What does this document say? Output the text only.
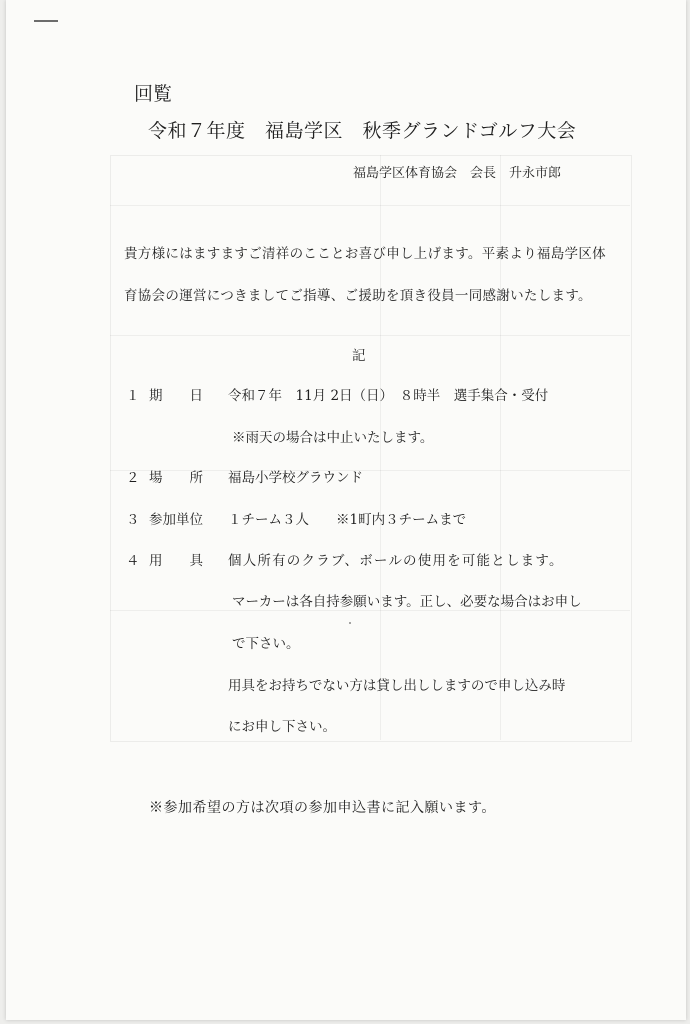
回覧
令和７年度　福島学区　秋季グランドゴルフ大会
福島学区体育協会　会長　升永市郎
貴方様にはますますご清祥のこことお喜び申し上げます。平素より福島学区体
育協会の運営につきましてご指導、ご援助を頂き役員一同感謝いたします。
記
１ 期　　日 令和７年　11月 2日（日）　８時半　選手集合・受付
※雨天の場合は中止いたします。
２ 場　　所 福島小学校グラウンド
３ 参加単位 １チーム３人　　※1町内３チームまで
４ 用　　具 個人所有のクラブ、ボールの使用を可能とします。
マーカーは各自持参願います。正し、必要な場合はお申し
で下さい。
用具をお持ちでない方は貸し出ししますので申し込み時
にお申し下さい。
※参加希望の方は次項の参加申込書に記入願います。
